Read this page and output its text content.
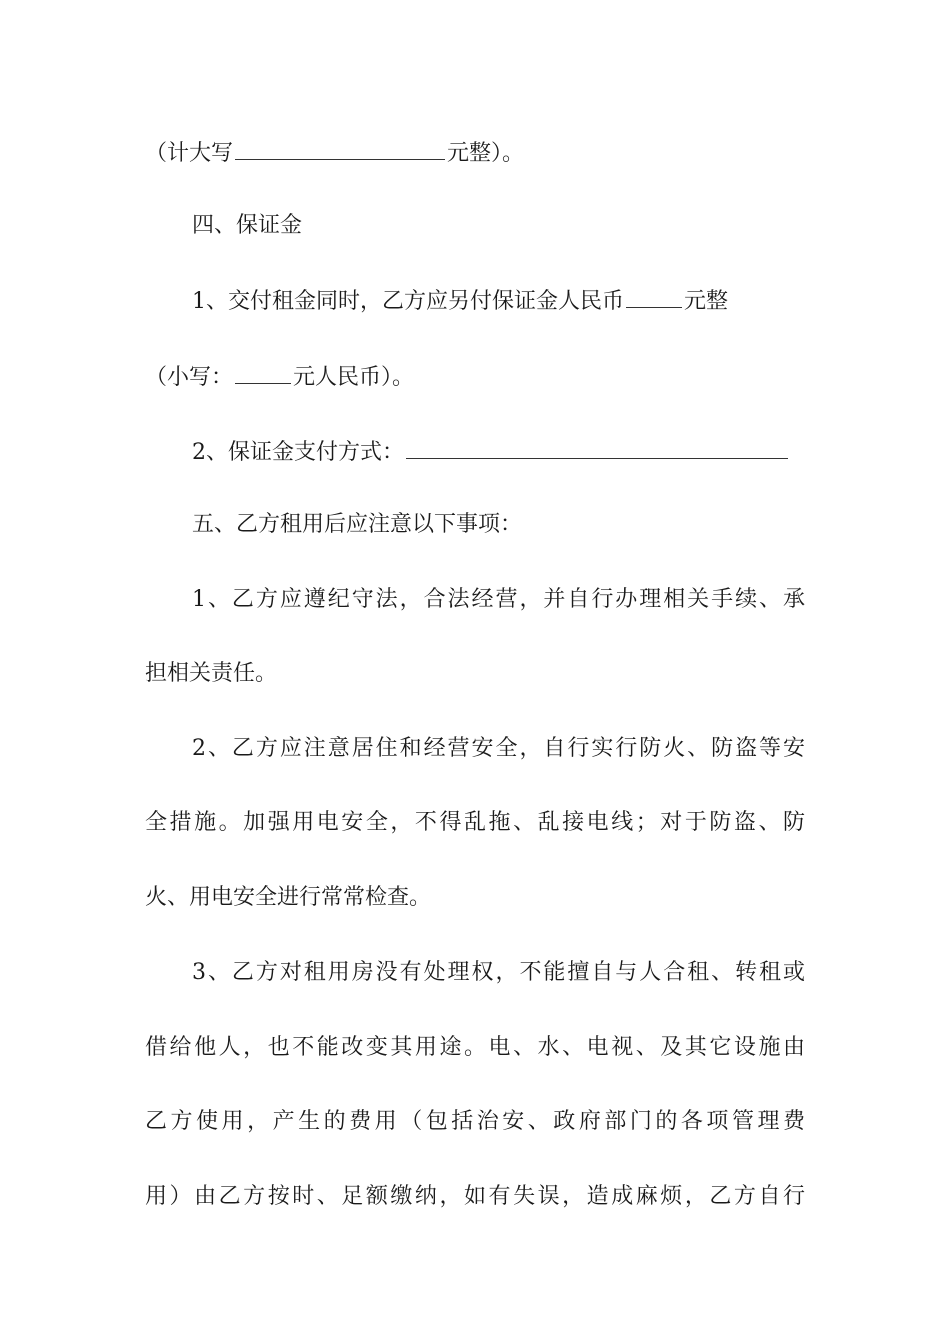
（计大写	元整）。
四、保证金
1、交付租金同时，乙方应另付保证金人民币	元整
（小写：	元人民币）。
2、保证金支付方式：
五、乙方租用后应注意以下事项：
1、乙方应遵纪守法，合法经营，并自行办理相关手续、承
担相关责任。
2、乙方应注意居住和经营安全，自行实行防火、防盗等安
全措施。加强用电安全，不得乱拖、乱接电线；对于防盗、防
火、用电安全进行常常检查。
3、乙方对租用房没有处理权，不能擅自与人合租、转租或
借给他人，也不能改变其用途。电、水、电视、及其它设施由
乙方使用，产生的费用（包括治安、政府部门的各项管理费
用）由乙方按时、足额缴纳，如有失误，造成麻烦，乙方自行
